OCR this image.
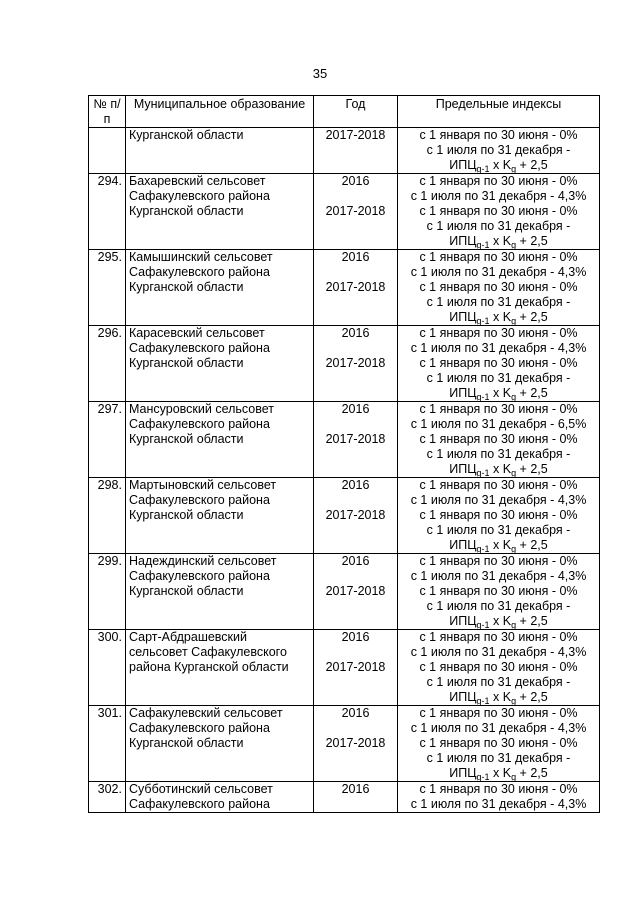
35
№ п/п	Муниципальное образование	Год	Предельные индексы

	Курганской области	2017-2018	с 1 января по 30 июня - 0%
с 1 июля по 31 декабря -
$ИПЦ_{g-1}$ х $K_g + 2,5$

294.	Бахаревский сельсовет
Сафакулевского района
Курганской области	2016
2017-2018	с 1 января по 30 июня - 0%
с 1 июля по 31 декабря - 4,3%
с 1 января по 30 июня - 0%
с 1 июля по 31 декабря -
$ИПЦ_{g-1}$ х $K_g + 2,5$

295.	Камышинский сельсовет
Сафакулевского района
Курганской области	2016
2017-2018	с 1 января по 30 июня - 0%
с 1 июля по 31 декабря - 4,3%
с 1 января по 30 июня - 0%
с 1 июля по 31 декабря -
$ИПЦ_{g-1}$ х $K_g + 2,5$

296.	Карасевский сельсовет
Сафакулевского района
Курганской области	2016
2017-2018	с 1 января по 30 июня - 0%
с 1 июля по 31 декабря - 4,3%
с 1 января по 30 июня - 0%
с 1 июля по 31 декабря -
$ИПЦ_{g-1}$ х $K_g + 2,5$

297.	Мансуровский сельсовет
Сафакулевского района
Курганской области	2016
2017-2018	с 1 января по 30 июня - 0%
с 1 июля по 31 декабря - 6,5%
с 1 января по 30 июня - 0%
с 1 июля по 31 декабря -
$ИПЦ_{g-1}$ х $K_g + 2,5$

298.	Мартыновский сельсовет
Сафакулевского района
Курганской области	2016
2017-2018	с 1 января по 30 июня - 0%
с 1 июля по 31 декабря - 4,3%
с 1 января по 30 июня - 0%
с 1 июля по 31 декабря -
$ИПЦ_{g-1}$ х $K_g + 2,5$

299.	Надеждинский сельсовет
Сафакулевского района
Курганской области	2016
2017-2018	с 1 января по 30 июня - 0%
с 1 июля по 31 декабря - 4,3%
с 1 января по 30 июня - 0%
с 1 июля по 31 декабря -
$ИПЦ_{g-1}$ х $K_g + 2,5$

300.	Сарт-Абдрашевский
сельсовет Сафакулевского
района Курганской области	2016
2017-2018	с 1 января по 30 июня - 0%
с 1 июля по 31 декабря - 4,3%
с 1 января по 30 июня - 0%
с 1 июля по 31 декабря -
$ИПЦ_{g-1}$ х $K_g + 2,5$

301.	Сафакулевский сельсовет
Сафакулевского района
Курганской области	2016
2017-2018	с 1 января по 30 июня - 0%
с 1 июля по 31 декабря - 4,3%
с 1 января по 30 июня - 0%
с 1 июля по 31 декабря -
$ИПЦ_{g-1}$ х $K_g + 2,5$

302.	Субботинский сельсовет
Сафакулевского района	2016	с 1 января по 30 июня - 0%
с 1 июля по 31 декабря - 4,3%
